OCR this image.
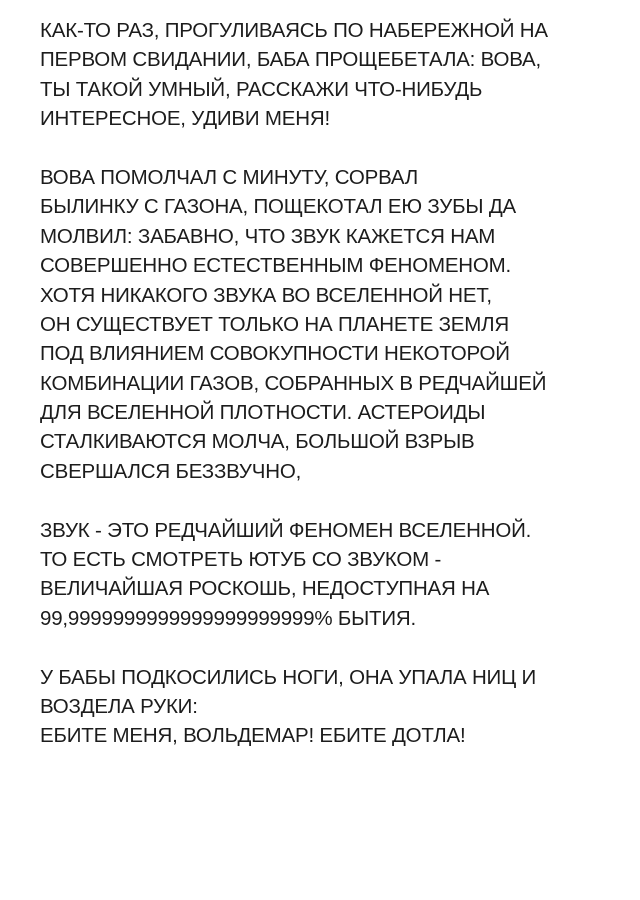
КАК-ТО РАЗ, ПРОГУЛИВАЯСЬ ПО НАБЕРЕЖНОЙ НА
ПЕРВОМ СВИДАНИИ, БАБА ПРОЩЕБЕТАЛА: ВОВА,
ТЫ ТАКОЙ УМНЫЙ, РАССКАЖИ ЧТО-НИБУДЬ
ИНТЕРЕСНОЕ, УДИВИ МЕНЯ!
ВОВА ПОМОЛЧАЛ С МИНУТУ, СОРВАЛ
БЫЛИНКУ С ГАЗОНА, ПОЩЕКОТАЛ ЕЮ ЗУБЫ ДА
МОЛВИЛ: ЗАБАВНО, ЧТО ЗВУК КАЖЕТСЯ НАМ
СОВЕРШЕННО ЕСТЕСТВЕННЫМ ФЕНОМЕНОМ.
ХОТЯ НИКАКОГО ЗВУКА ВО ВСЕЛЕННОЙ НЕТ,
ОН СУЩЕСТВУЕТ ТОЛЬКО НА ПЛАНЕТЕ ЗЕМЛЯ
ПОД ВЛИЯНИЕМ СОВОКУПНОСТИ НЕКОТОРОЙ
КОМБИНАЦИИ ГАЗОВ, СОБРАННЫХ В РЕДЧАЙШЕЙ
ДЛЯ ВСЕЛЕННОЙ ПЛОТНОСТИ. АСТЕРОИДЫ
СТАЛКИВАЮТСЯ МОЛЧА, БОЛЬШОЙ ВЗРЫВ
СВЕРШАЛСЯ БЕЗЗВУЧНО,
ЗВУК - ЭТО РЕДЧАЙШИЙ ФЕНОМЕН ВСЕЛЕННОЙ.
ТО ЕСТЬ СМОТРЕТЬ ЮТУБ СО ЗВУКОМ -
ВЕЛИЧАЙШАЯ РОСКОШЬ, НЕДОСТУПНАЯ НА
99,9999999999999999999999% БЫТИЯ.
У БАБЫ ПОДКОСИЛИСЬ НОГИ, ОНА УПАЛА НИЦ И
ВОЗДЕЛА РУКИ:
ЕБИТЕ МЕНЯ, ВОЛЬДЕМАР! ЕБИТЕ ДОТЛА!
